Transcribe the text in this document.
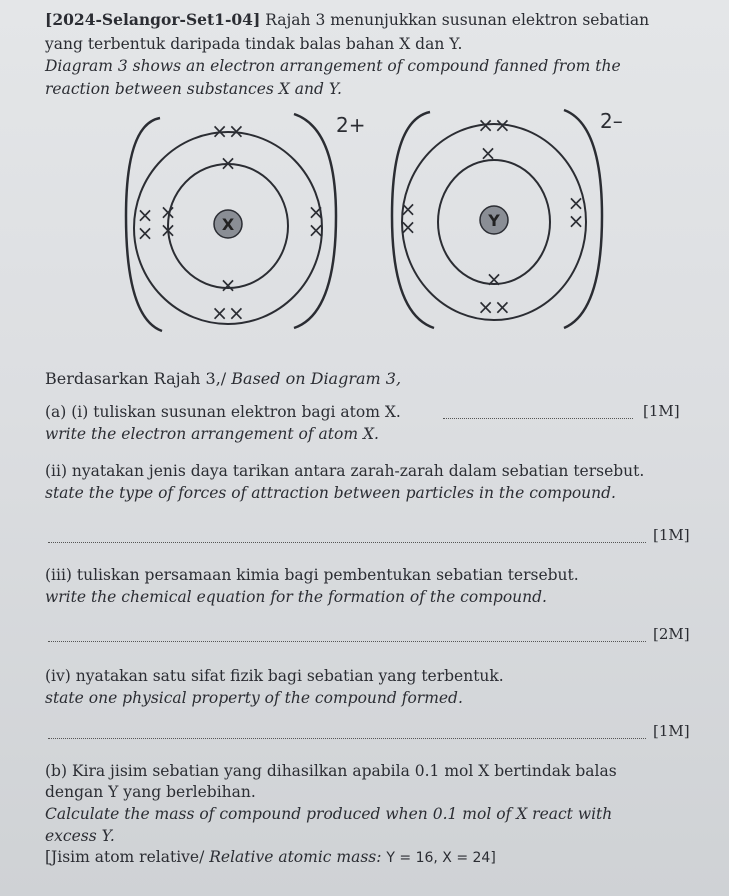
[2024-Selangor-Set1-04] Rajah 3 menunjukkan susunan elektron sebatian
yang terbentuk daripada tindak balas bahan X dan Y.
Diagram 3 shows an electron arrangement of compound fanned from the
reaction between substances X and Y.
X
××
×
×
×
×
×
×
×
×
××
2+
Y
××
×
×
×
×
×
×
××
2–
Berdasarkan Rajah 3,/ Based on Diagram 3,
(a) (i) tuliskan susunan elektron bagi atom X.	[1M]
write the electron arrangement of atom X.
(ii) nyatakan jenis daya tarikan antara zarah-zarah dalam sebatian tersebut.
state the type of forces of attraction between particles in the compound.
[1M]
(iii) tuliskan persamaan kimia bagi pembentukan sebatian tersebut.
write the chemical equation for the formation of the compound.
[2M]
(iv) nyatakan satu sifat fizik bagi sebatian yang terbentuk.
state one physical property of the compound formed.
[1M]
(b) Kira jisim sebatian yang dihasilkan apabila 0.1 mol X bertindak balas
dengan Y yang berlebihan.
Calculate the mass of compound produced when 0.1 mol of X react with
excess Y.
[Jisim atom relative/ Relative atomic mass: Y = 16, X = 24]
